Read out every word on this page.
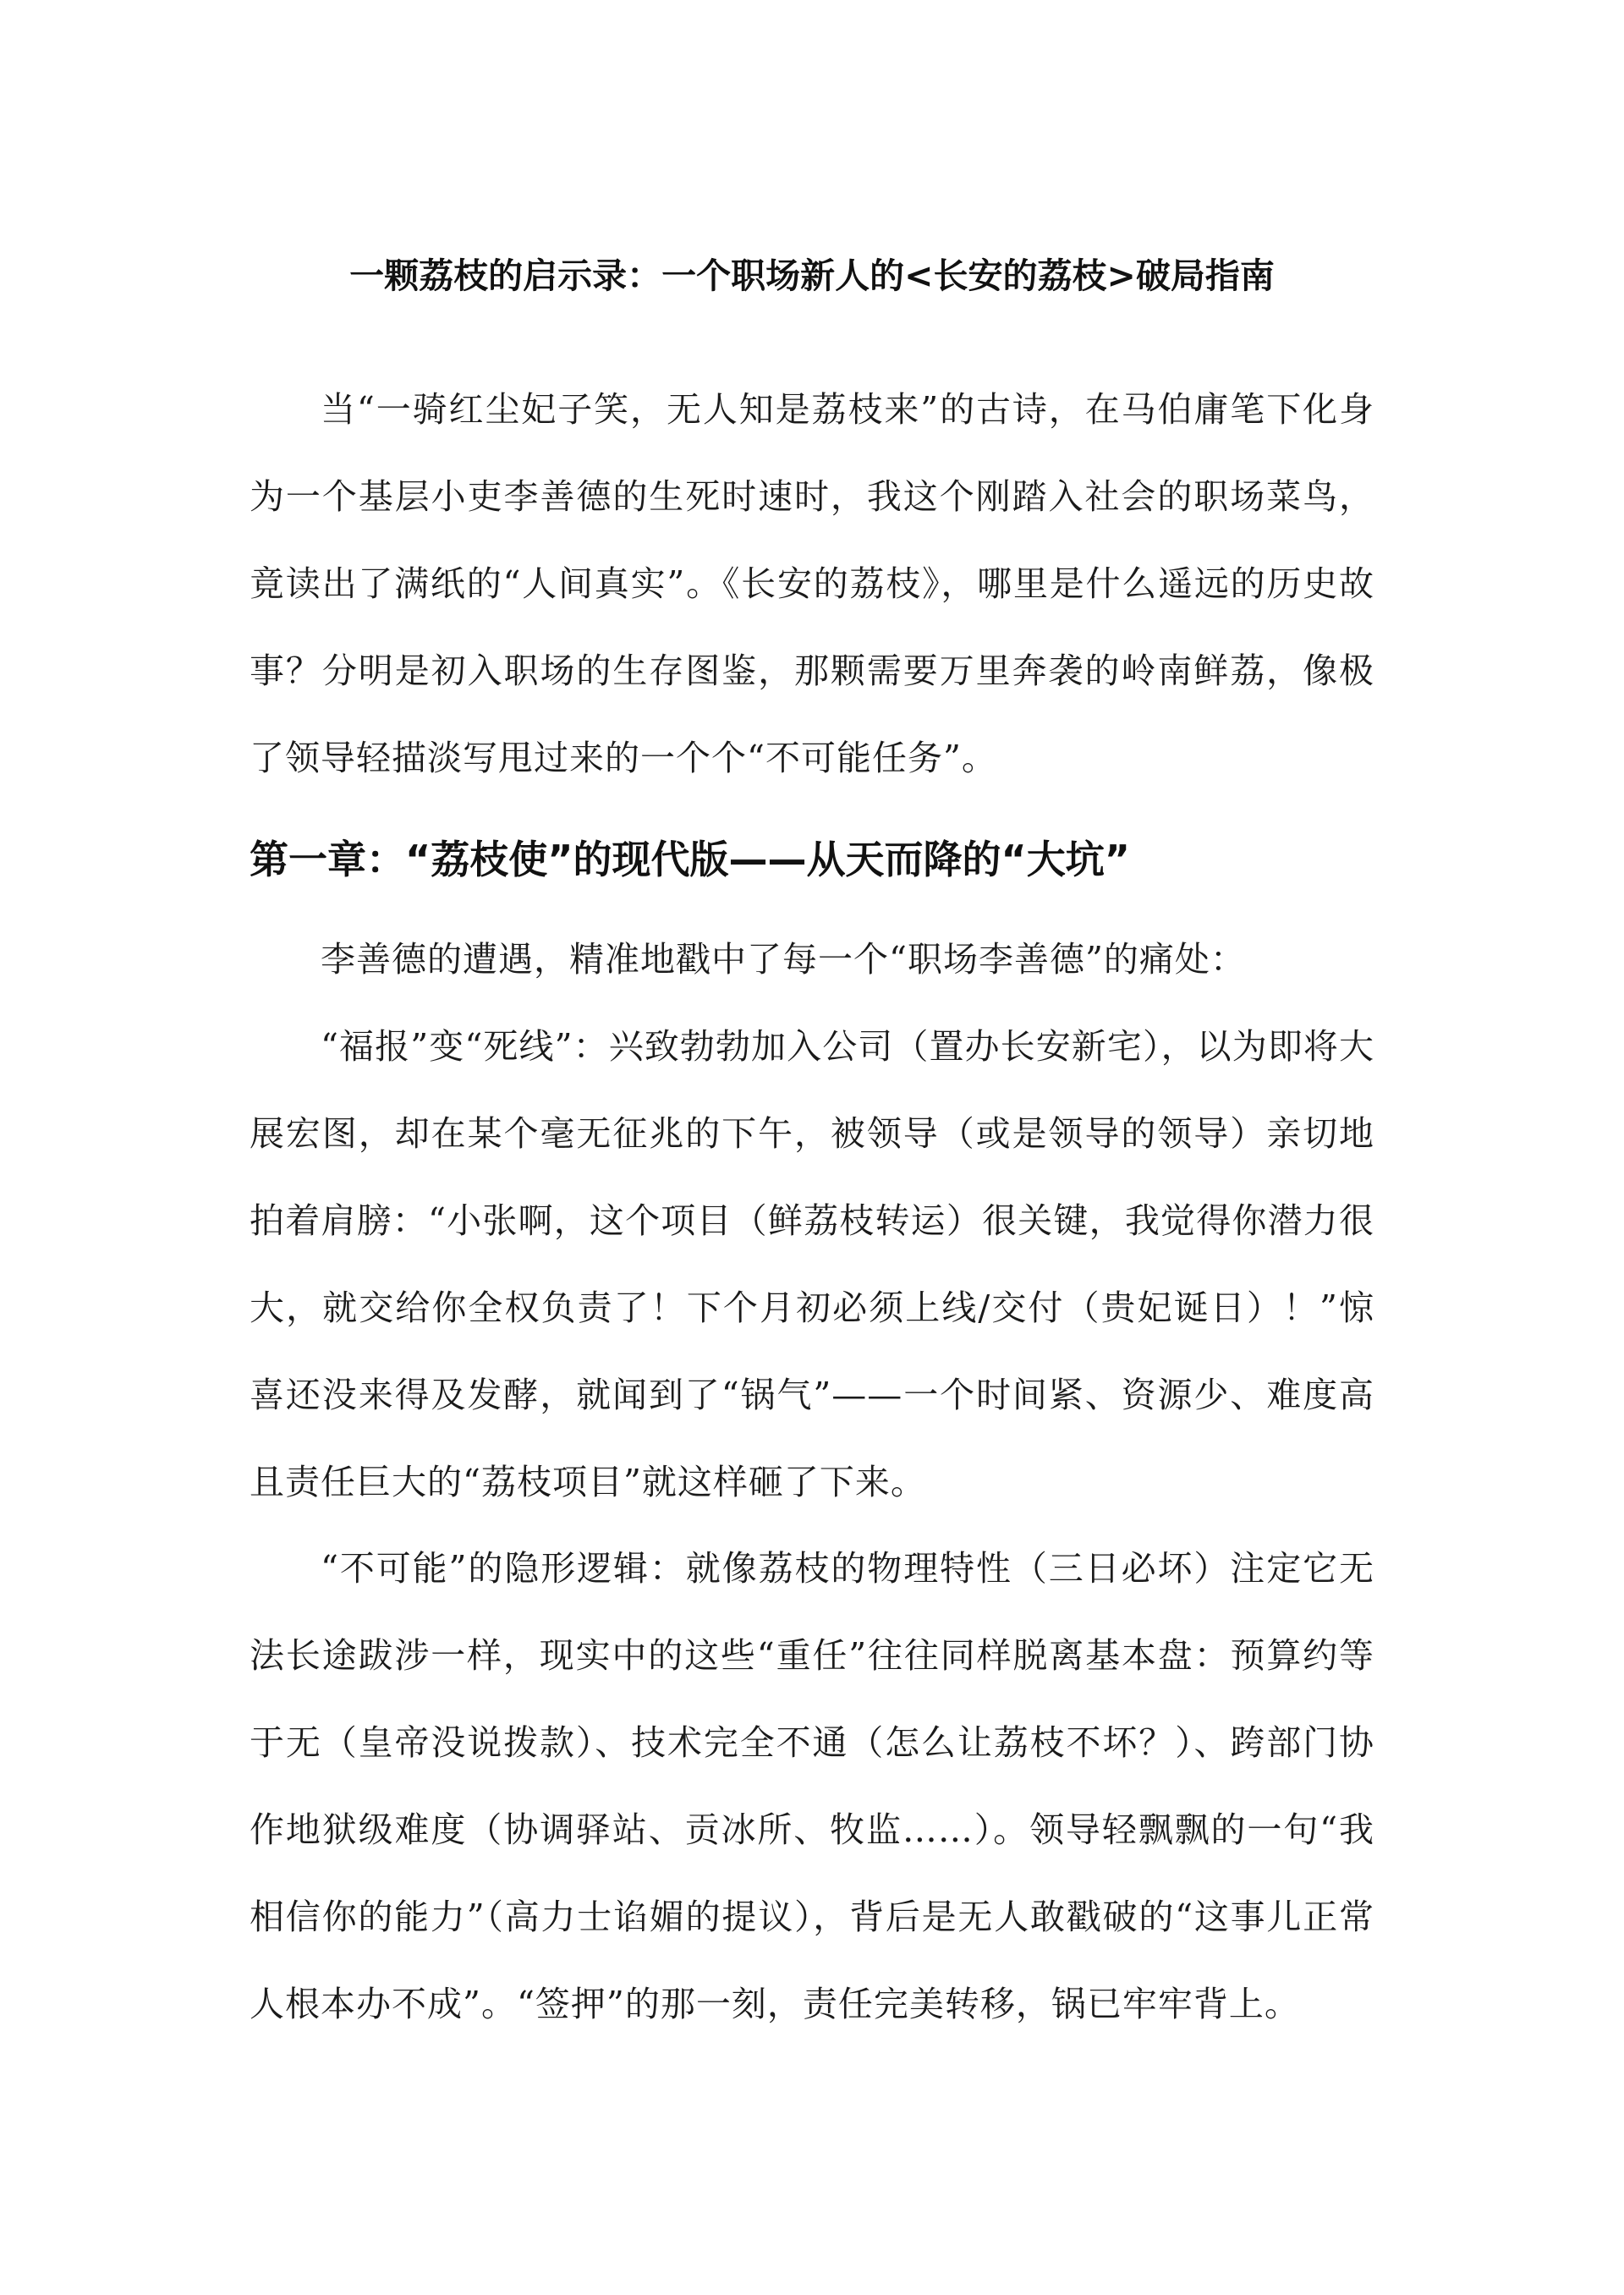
一颗荔枝的启示录：一个职场新人的<长安的荔枝>破局指南

当“一骑红尘妃子笑，无人知是荔枝来”的古诗，在马伯庸笔下化身为一个基层小吏李善德的生死时速时，我这个刚踏入社会的职场菜鸟，竟读出了满纸的“人间真实”。《长安的荔枝》，哪里是什么遥远的历史故事？分明是初入职场的生存图鉴，那颗需要万里奔袭的岭南鲜荔，像极了领导轻描淡写甩过来的一个个“不可能任务”。

第一章：“荔枝使”的现代版——从天而降的“大坑”

李善德的遭遇，精准地戳中了每一个“职场李善德”的痛处：

“福报”变“死线”：兴致勃勃加入公司（置办长安新宅），以为即将大展宏图，却在某个毫无征兆的下午，被领导（或是领导的领导）亲切地拍着肩膀：“小张啊，这个项目（鲜荔枝转运）很关键，我觉得你潜力很大，就交给你全权负责了！下个月初必须上线/交付（贵妃诞日）！”惊喜还没来得及发酵，就闻到了“锅气”——一个时间紧、资源少、难度高且责任巨大的“荔枝项目”就这样砸了下来。

“不可能”的隐形逻辑：就像荔枝的物理特性（三日必坏）注定它无法长途跋涉一样，现实中的这些“重任”往往同样脱离基本盘：预算约等于无（皇帝没说拨款）、技术完全不通（怎么让荔枝不坏？）、跨部门协作地狱级难度（协调驿站、贡冰所、牧监……）。领导轻飘飘的一句“我相信你的能力”（高力士谄媚的提议），背后是无人敢戳破的“这事儿正常人根本办不成”。“签押”的那一刻，责任完美转移，锅已牢牢背上。
